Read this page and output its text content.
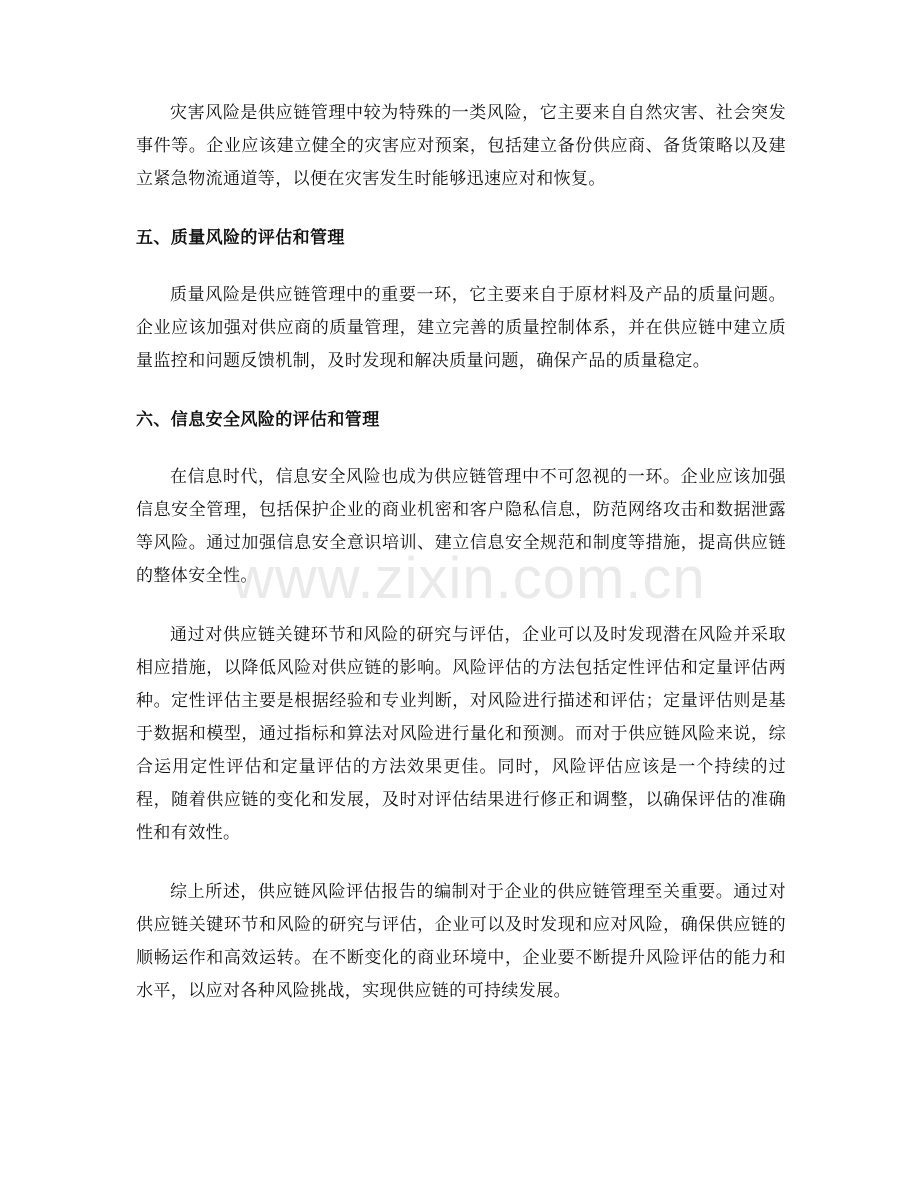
灾害风险是供应链管理中较为特殊的一类风险，它主要来自自然灾害、社会突发事件等。企业应该建立健全的灾害应对预案，包括建立备份供应商、备货策略以及建立紧急物流通道等，以便在灾害发生时能够迅速应对和恢复。

五、质量风险的评估和管理

质量风险是供应链管理中的重要一环，它主要来自于原材料及产品的质量问题。企业应该加强对供应商的质量管理，建立完善的质量控制体系，并在供应链中建立质量监控和问题反馈机制，及时发现和解决质量问题，确保产品的质量稳定。

六、信息安全风险的评估和管理

在信息时代，信息安全风险也成为供应链管理中不可忽视的一环。企业应该加强信息安全管理，包括保护企业的商业机密和客户隐私信息，防范网络攻击和数据泄露等风险。通过加强信息安全意识培训、建立信息安全规范和制度等措施，提高供应链的整体安全性。

通过对供应链关键环节和风险的研究与评估，企业可以及时发现潜在风险并采取相应措施，以降低风险对供应链的影响。风险评估的方法包括定性评估和定量评估两种。定性评估主要是根据经验和专业判断，对风险进行描述和评估；定量评估则是基于数据和模型，通过指标和算法对风险进行量化和预测。而对于供应链风险来说，综合运用定性评估和定量评估的方法效果更佳。同时，风险评估应该是一个持续的过程，随着供应链的变化和发展，及时对评估结果进行修正和调整，以确保评估的准确性和有效性。

综上所述，供应链风险评估报告的编制对于企业的供应链管理至关重要。通过对供应链关键环节和风险的研究与评估，企业可以及时发现和应对风险，确保供应链的顺畅运作和高效运转。在不断变化的商业环境中，企业要不断提升风险评估的能力和水平，以应对各种风险挑战，实现供应链的可持续发展。

www.zixin.com.cn
